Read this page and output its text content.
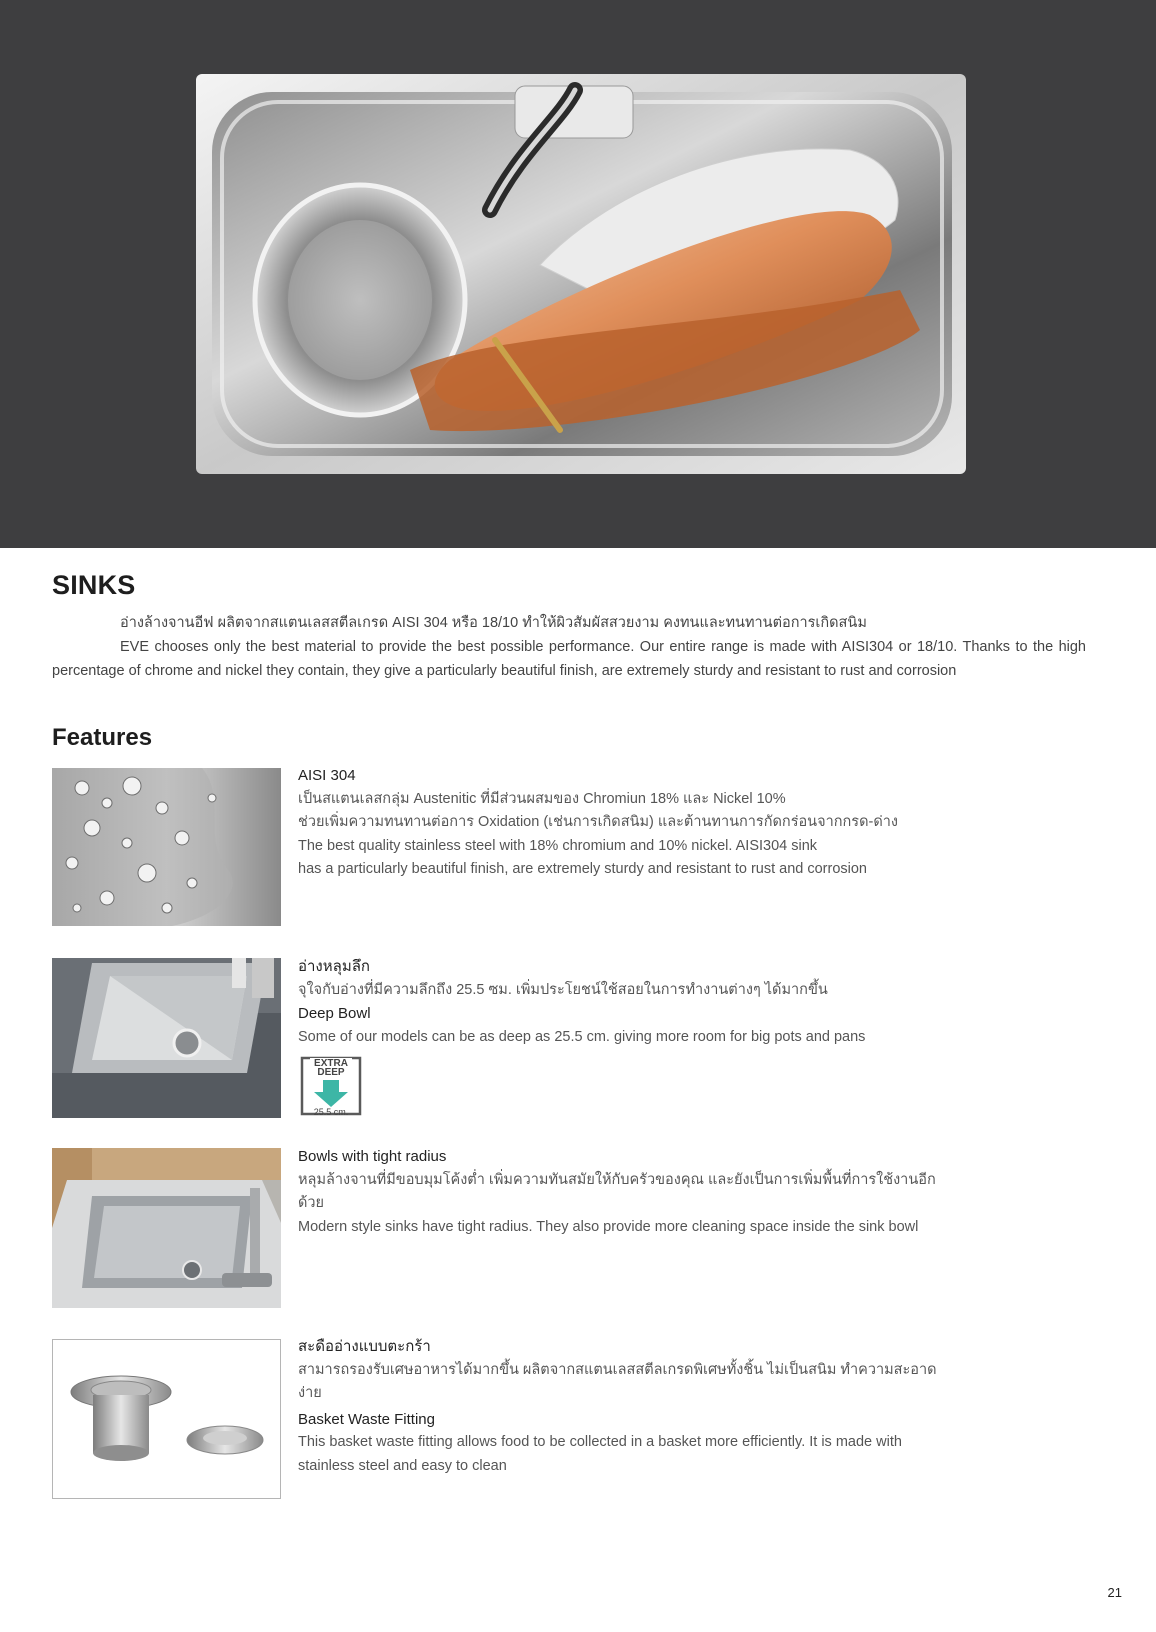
SINKS

อ่างล้างจานอีฟ ผลิตจากสแตนเลสสตีลเกรด AISI 304 หรือ 18/10 ทำให้ผิวสัมผัสสวยงาม คงทนและทนทานต่อการเกิดสนิม

EVE chooses only the best material to provide the best possible performance. Our entire range is made with AISI304 or 18/10. Thanks to the high percentage of chrome and nickel they contain, they give a particularly beautiful finish, are extremely sturdy and resistant to rust and corrosion

Features
AISI 304
เป็นสแตนเลสกลุ่ม Austenitic ที่มีส่วนผสมของ Chromiun 18% และ Nickel 10%
ช่วยเพิ่มความทนทานต่อการ Oxidation (เช่นการเกิดสนิม) และต้านทานการกัดกร่อนจากกรด-ด่าง
The best quality stainless steel with 18% chromium and 10% nickel. AISI304 sink
has a particularly beautiful finish, are extremely sturdy and resistant to rust and corrosion
อ่างหลุมลึก
จุใจกับอ่างที่มีความลึกถึง 25.5 ซม. เพิ่มประโยชน์ใช้สอยในการทำงานต่างๆ ได้มากขึ้น
Deep Bowl
Some of our models can be as deep as 25.5 cm. giving more room for big pots and pans
EXTRA
DEEP
25.5 cm.
Bowls with tight radius
หลุมล้างจานที่มีขอบมุมโค้งต่ำ เพิ่มความทันสมัยให้กับครัวของคุณ และยังเป็นการเพิ่มพื้นที่การใช้งานอีกด้วย
Modern style sinks have tight radius. They also provide more cleaning space inside the sink bowl
สะดืออ่างแบบตะกร้า
สามารถรองรับเศษอาหารได้มากขึ้น ผลิตจากสแตนเลสสตีลเกรดพิเศษทั้งชิ้น ไม่เป็นสนิม ทำความสะอาดง่าย
Basket Waste Fitting
This basket waste fitting allows food to be collected in a basket more efficiently. It is made with stainless steel and easy to clean
21
